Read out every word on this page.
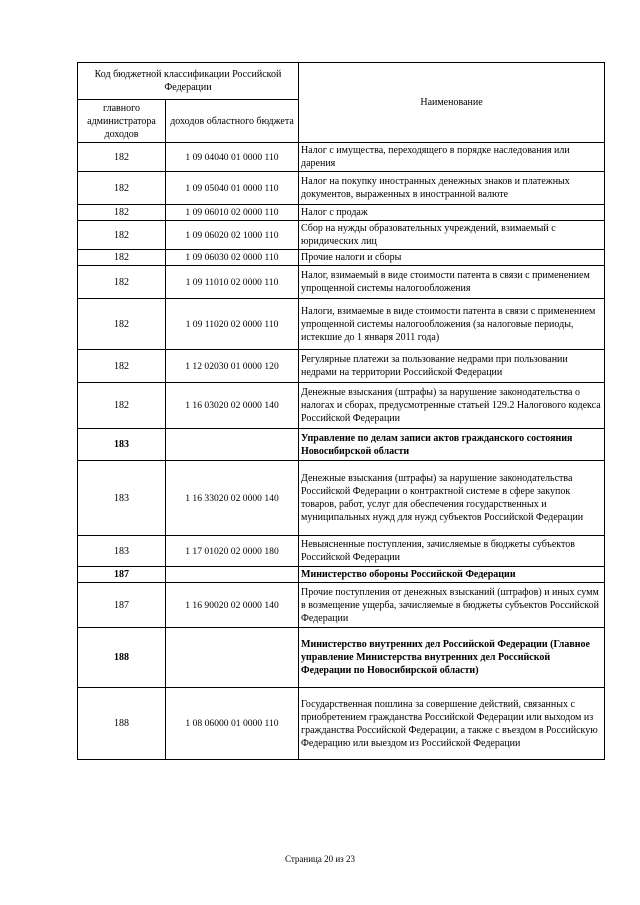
Код бюджетной классификации Российской Федерации		Наименование
главного администратора доходов	доходов областного бюджета	
182	1 09 04040 01 0000 110	Налог с имущества, переходящего в порядке наследования или дарения
182	1 09 05040 01 0000 110	Налог на покупку иностранных денежных знаков и платежных документов, выраженных в иностранной валюте
182	1 09 06010 02 0000 110	Налог с продаж
182	1 09 06020 02 1000 110	Сбор на нужды образовательных учреждений, взимаемый с юридических лиц
182	1 09 06030 02 0000 110	Прочие налоги и сборы
182	1 09 11010 02 0000 110	Налог, взимаемый в виде стоимости патента в связи с применением упрощенной системы налогообложения
182	1 09 11020 02 0000 110	Налоги, взимаемые в виде стоимости патента в связи с применением упрощенной системы налогообложения (за налоговые периоды, истекшие до 1 января 2011 года)
182	1 12 02030 01 0000 120	Регулярные платежи за пользование недрами при пользовании недрами на территории Российской Федерации
182	1 16 03020 02 0000 140	Денежные взыскания (штрафы) за нарушение законодательства о налогах и сборах, предусмотренные статьей 129.2 Налогового кодекса Российской Федерации
183		Управление по делам записи актов гражданского состояния Новосибирской области
183	1 16 33020 02 0000 140	Денежные взыскания (штрафы) за нарушение законодательства Российской Федерации о контрактной системе в сфере закупок товаров, работ, услуг для обеспечения государственных и муниципальных нужд для нужд субъектов Российской Федерации
183	1 17 01020 02 0000 180	Невыясненные поступления, зачисляемые в бюджеты субъектов Российской Федерации
187		Министерство обороны Российской Федерации
187	1 16 90020 02 0000 140	Прочие поступления от денежных взысканий (штрафов) и иных сумм в возмещение ущерба, зачисляемые в бюджеты субъектов Российской Федерации
188		Министерство внутренних дел Российской Федерации (Главное управление Министерства внутренних дел Российской Федерации по Новосибирской области)
188	1 08 06000 01 0000 110	Государственная пошлина за совершение действий, связанных с приобретением гражданства Российской Федерации или выходом из гражданства Российской Федерации, а также с въездом в Российскую Федерацию или выездом из Российской Федерации
Страница 20 из 23
